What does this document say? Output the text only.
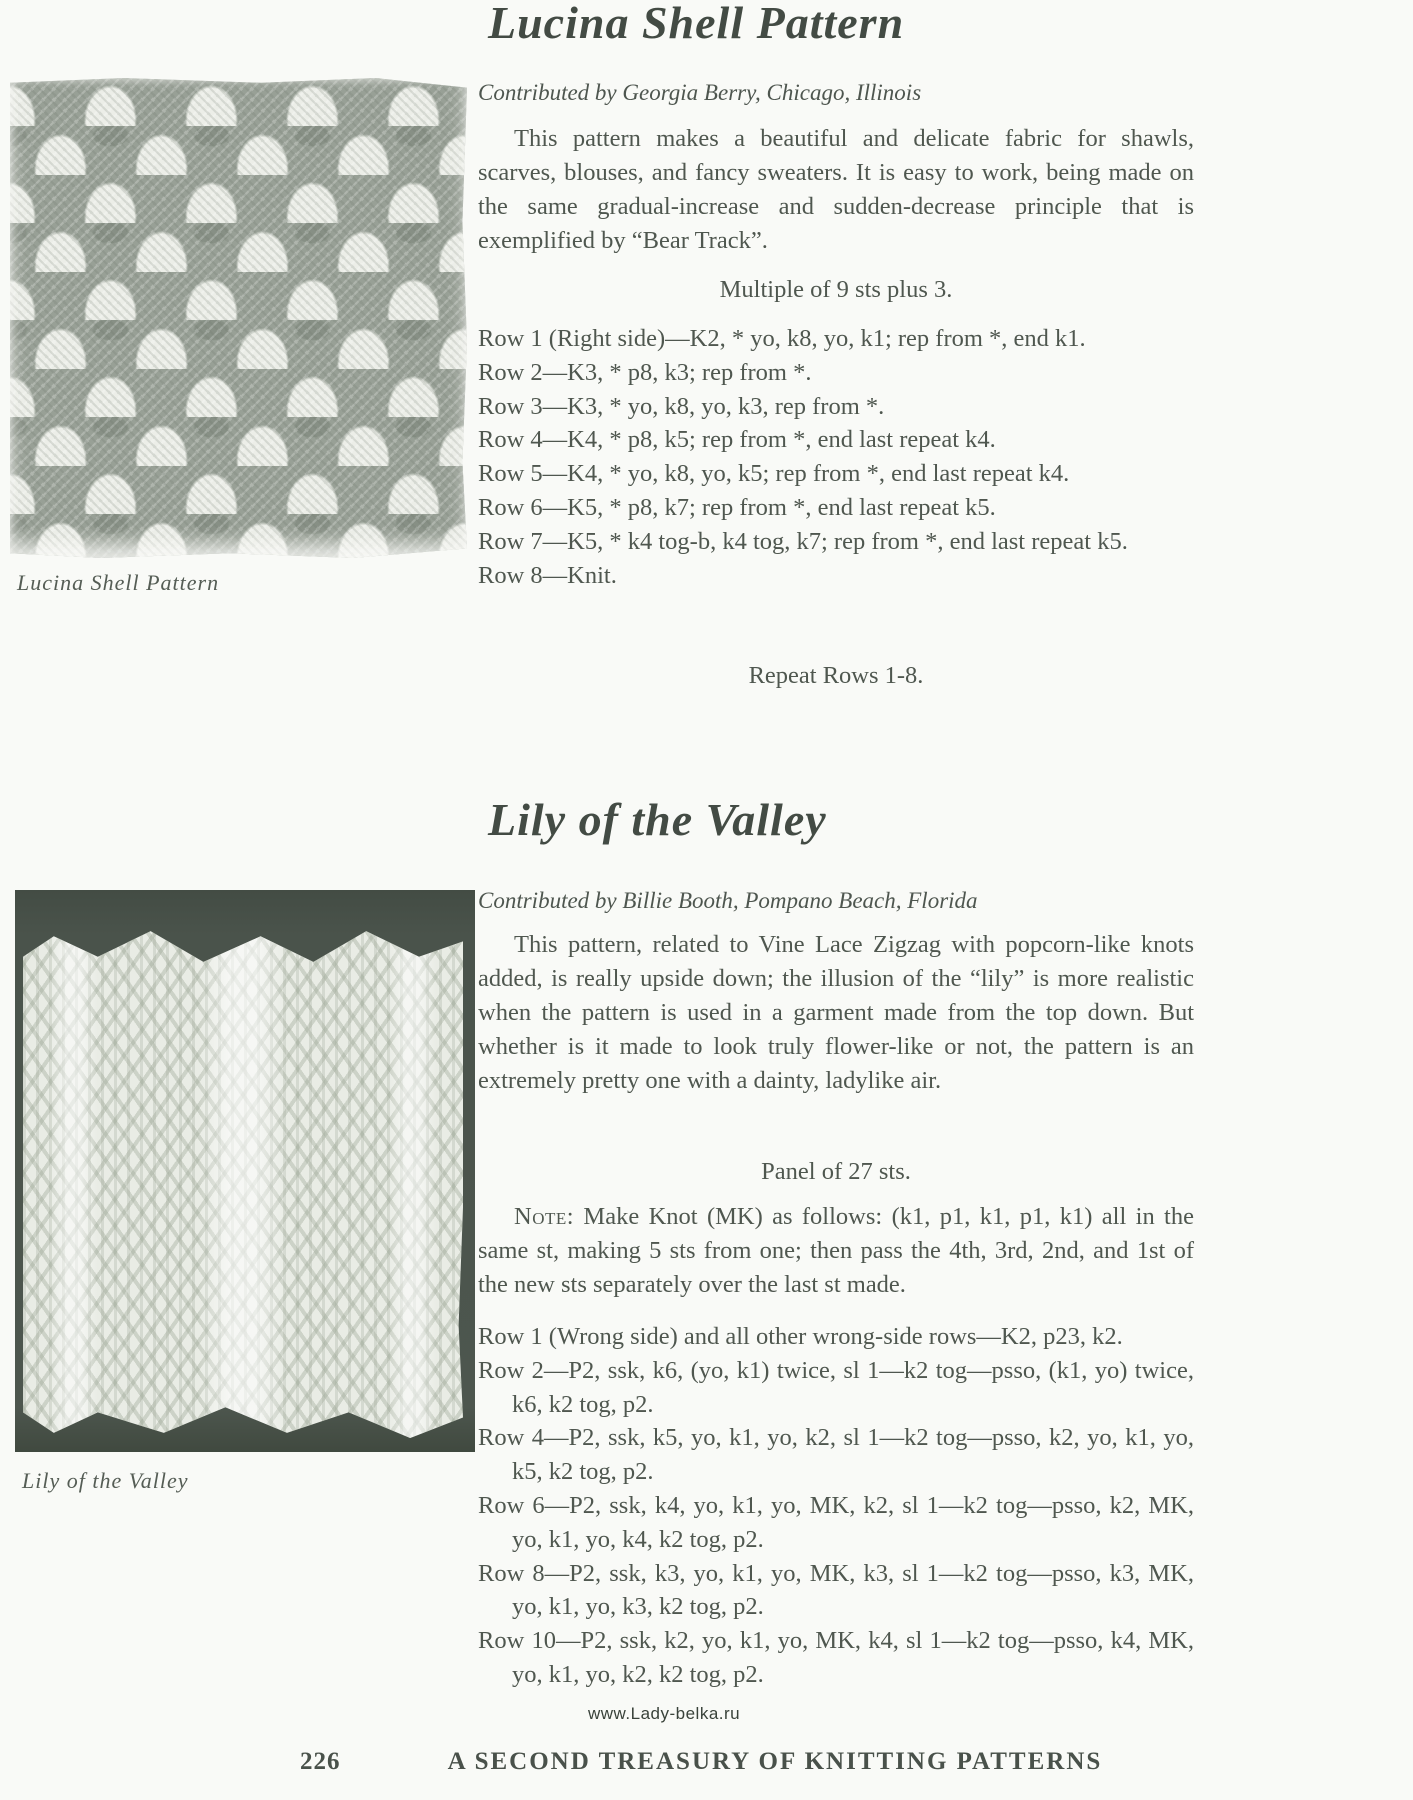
Lucina Shell Pattern
Lucina Shell Pattern

Contributed by Georgia Berry, Chicago, Illinois

This pattern makes a beautiful and delicate fabric for shawls, scarves, blouses, and fancy sweaters. It is easy to work, being made on the same gradual-increase and sudden-decrease principle that is exemplified by “Bear Track”.

Multiple of 9 sts plus 3.

Row 1 (Right side)—K2, * yo, k8, yo, k1; rep from *, end k1.

Row 2—K3, * p8, k3; rep from *.

Row 3—K3, * yo, k8, yo, k3, rep from *.

Row 4—K4, * p8, k5; rep from *, end last repeat k4.

Row 5—K4, * yo, k8, yo, k5; rep from *, end last repeat k4.

Row 6—K5, * p8, k7; rep from *, end last repeat k5.

Row 7—K5, * k4 tog-b, k4 tog, k7; rep from *, end last repeat k5.

Row 8—Knit.

Repeat Rows 1-8.

Lily of the Valley
Lily of the Valley

Contributed by Billie Booth, Pompano Beach, Florida

This pattern, related to Vine Lace Zigzag with popcorn-like knots added, is really upside down; the illusion of the “lily” is more realistic when the pattern is used in a garment made from the top down. But whether is it made to look truly flower-like or not, the pattern is an extremely pretty one with a dainty, ladylike air.

Panel of 27 sts.

Note: Make Knot (MK) as follows: (k1, p1, k1, p1, k1) all in the same st, making 5 sts from one; then pass the 4th, 3rd, 2nd, and 1st of the new sts separately over the last st made.

Row 1 (Wrong side) and all other wrong-side rows—K2, p23, k2.

Row 2—P2, ssk, k6, (yo, k1) twice, sl 1—k2 tog—psso, (k1, yo) twice, k6, k2 tog, p2.

Row 4—P2, ssk, k5, yo, k1, yo, k2, sl 1—k2 tog—psso, k2, yo, k1, yo, k5, k2 tog, p2.

Row 6—P2, ssk, k4, yo, k1, yo, MK, k2, sl 1—k2 tog—psso, k2, MK, yo, k1, yo, k4, k2 tog, p2.

Row 8—P2, ssk, k3, yo, k1, yo, MK, k3, sl 1—k2 tog—psso, k3, MK, yo, k1, yo, k3, k2 tog, p2.

Row 10—P2, ssk, k2, yo, k1, yo, MK, k4, sl 1—k2 tog—psso, k4, MK, yo, k1, yo, k2, k2 tog, p2.

www.Lady-belka.ru
226	A SECOND TREASURY OF KNITTING PATTERNS
